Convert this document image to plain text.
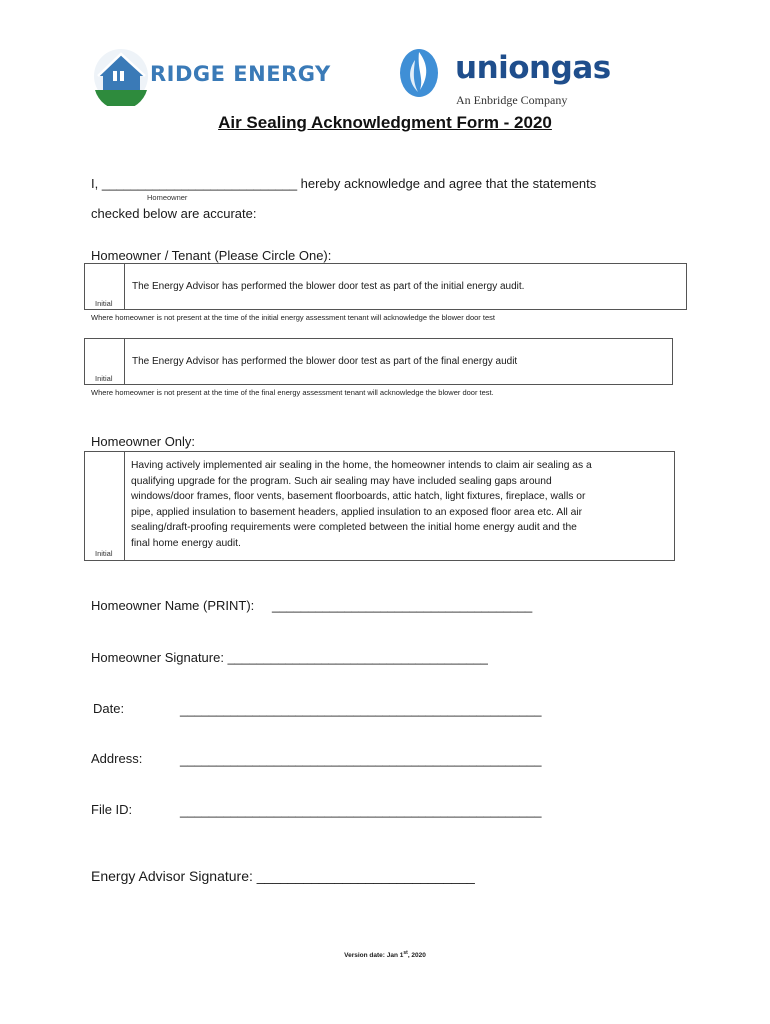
RIDGE ENERGY	uniongas
An Enbridge Company
Air Sealing Acknowledgment Form - 2020
I, ___________________________ hereby acknowledge and agree that the statements
Homeowner
checked below are accurate:
Homeowner / Tenant (Please Circle One):
Initial
The Energy Advisor has performed the blower door test as part of the initial energy audit.
Where homeowner is not present at the time of the initial energy assessment tenant will acknowledge the blower door test
Initial
The Energy Advisor has performed the blower door test as part of the final energy audit
Where homeowner is not present at the time of the final energy assessment tenant will acknowledge the blower door test.
Homeowner Only:
Initial
Having actively implemented air sealing in the home, the homeowner intends to claim air sealing as a
qualifying upgrade for the program. Such air sealing may have included sealing gaps around
windows/door frames, floor vents, basement floorboards, attic hatch, light fixtures, fireplace, walls or
pipe, applied insulation to basement headers, applied insulation to an exposed floor area etc. All air
sealing/draft-proofing requirements were completed between the initial home energy audit and the
final home energy audit.
Homeowner Name (PRINT): ____________________________________
Homeowner Signature: ____________________________________
Date:	__________________________________________________
Address:	__________________________________________________
File ID:	__________________________________________________
Energy Advisor Signature: ____________________________
Version date: Jan 1st, 2020
